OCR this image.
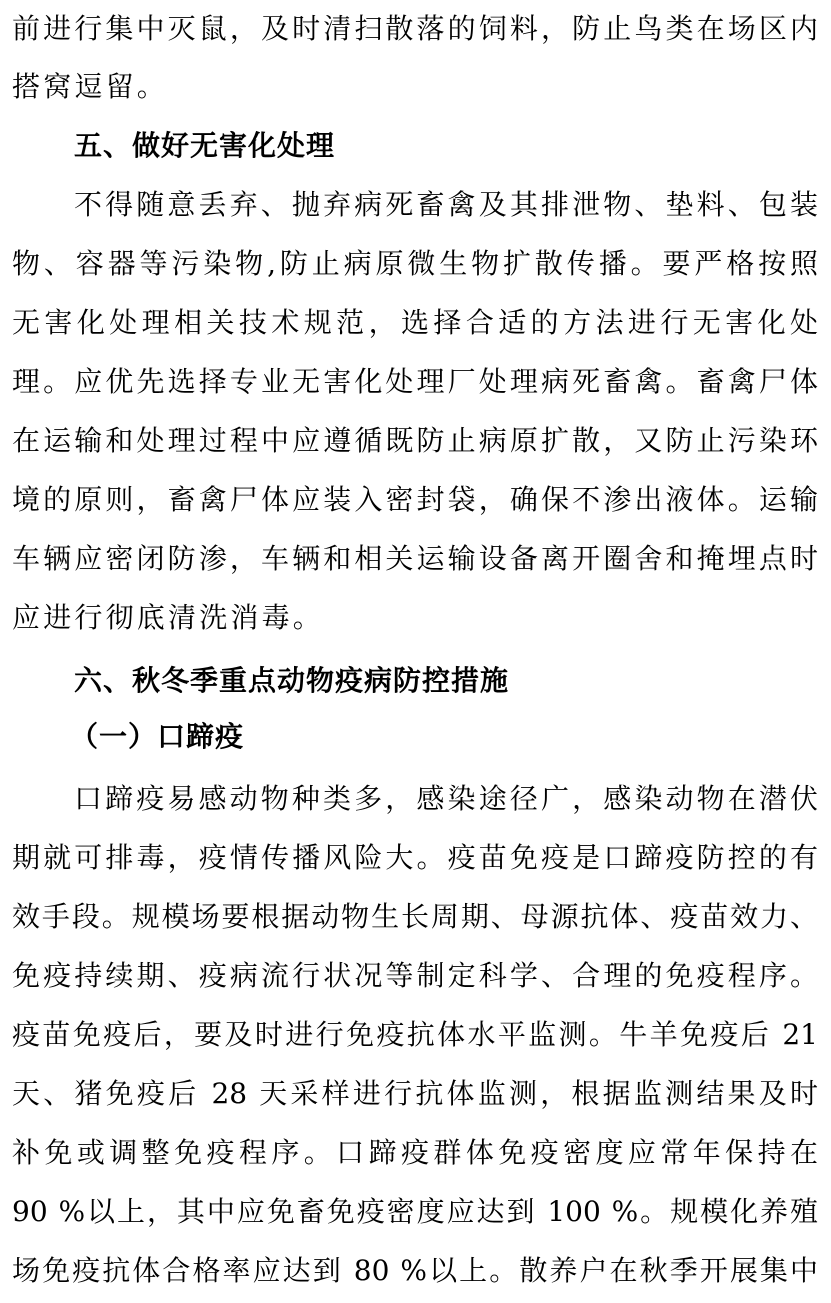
前进行集中灭鼠，及时清扫散落的饲料，防止鸟类在场区内
搭窝逗留。
五、做好无害化处理
不得随意丢弃、抛弃病死畜禽及其排泄物、垫料、包装
物、容器等污染物,防止病原微生物扩散传播。要严格按照
无害化处理相关技术规范，选择合适的方法进行无害化处
理。应优先选择专业无害化处理厂处理病死畜禽。畜禽尸体
在运输和处理过程中应遵循既防止病原扩散，又防止污染环
境的原则，畜禽尸体应装入密封袋，确保不渗出液体。运输
车辆应密闭防渗，车辆和相关运输设备离开圈舍和掩埋点时
应进行彻底清洗消毒。
六、秋冬季重点动物疫病防控措施
（一）口蹄疫
口蹄疫易感动物种类多，感染途径广，感染动物在潜伏
期就可排毒，疫情传播风险大。疫苗免疫是口蹄疫防控的有
效手段。规模场要根据动物生长周期、母源抗体、疫苗效力、
免疫持续期、疫病流行状况等制定科学、合理的免疫程序。
疫苗免疫后，要及时进行免疫抗体水平监测。牛羊免疫后 21
天、猪免疫后 28 天采样进行抗体监测，根据监测结果及时
补免或调整免疫程序。口蹄疫群体免疫密度应常年保持在
90 %以上，其中应免畜免疫密度应达到 100 %。规模化养殖
场免疫抗体合格率应达到 80 %以上。散养户在秋季开展集中
